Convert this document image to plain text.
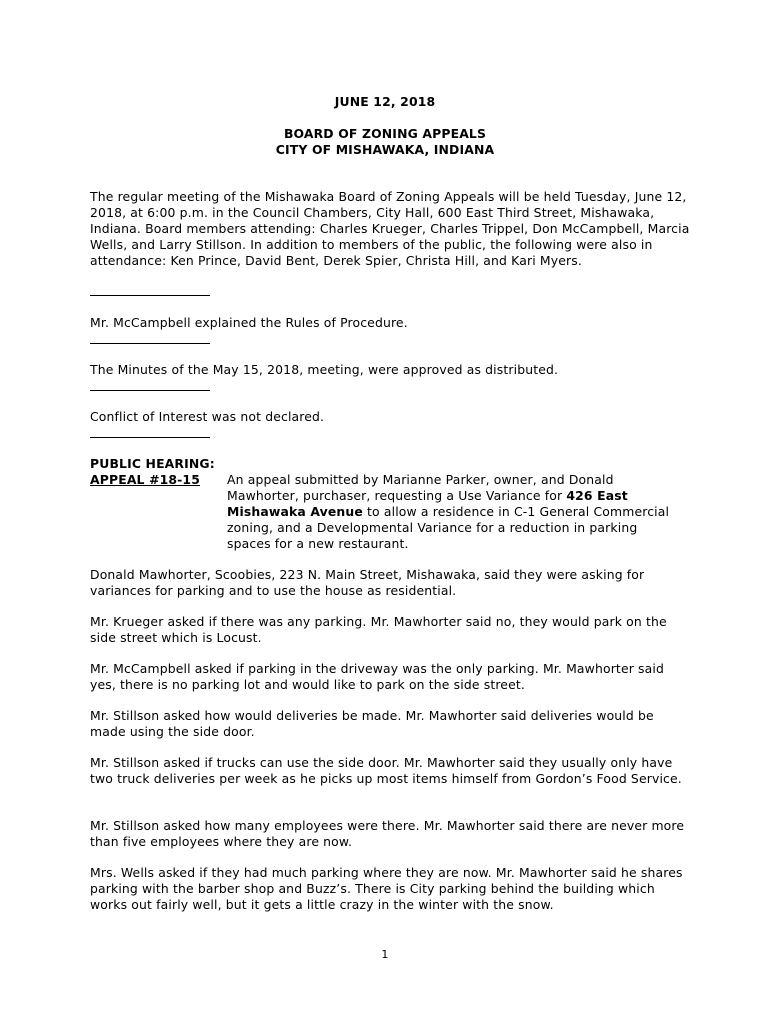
JUNE 12, 2018
BOARD OF ZONING APPEALS
CITY OF MISHAWAKA, INDIANA

The regular meeting of the Mishawaka Board of Zoning Appeals will be held Tuesday, June 12, 2018, at 6:00 p.m. in the Council Chambers, City Hall, 600 East Third Street, Mishawaka, Indiana. Board members attending: Charles Krueger, Charles Trippel, Don McCampbell, Marcia Wells, and Larry Stillson. In addition to members of the public, the following were also in attendance: Ken Prince, David Bent, Derek Spier, Christa Hill, and Kari Myers.

Mr. McCampbell explained the Rules of Procedure.

The Minutes of the May 15, 2018, meeting, were approved as distributed.

Conflict of Interest was not declared.

PUBLIC HEARING:
APPEAL #18-15	An appeal submitted by Marianne Parker, owner, and Donald Mawhorter, purchaser, requesting a Use Variance for 426 East Mishawaka Avenue to allow a residence in C-1 General Commercial zoning, and a Developmental Variance for a reduction in parking spaces for a new restaurant.

Donald Mawhorter, Scoobies, 223 N. Main Street, Mishawaka, said they were asking for variances for parking and to use the house as residential.

Mr. Krueger asked if there was any parking. Mr. Mawhorter said no, they would park on the side street which is Locust.

Mr. McCampbell asked if parking in the driveway was the only parking. Mr. Mawhorter said yes, there is no parking lot and would like to park on the side street.

Mr. Stillson asked how would deliveries be made. Mr. Mawhorter said deliveries would be made using the side door.

Mr. Stillson asked if trucks can use the side door. Mr. Mawhorter said they usually only have two truck deliveries per week as he picks up most items himself from Gordon’s Food Service.

Mr. Stillson asked how many employees were there. Mr. Mawhorter said there are never more than five employees where they are now.

Mrs. Wells asked if they had much parking where they are now. Mr. Mawhorter said he shares parking with the barber shop and Buzz’s. There is City parking behind the building which works out fairly well, but it gets a little crazy in the winter with the snow.

1
